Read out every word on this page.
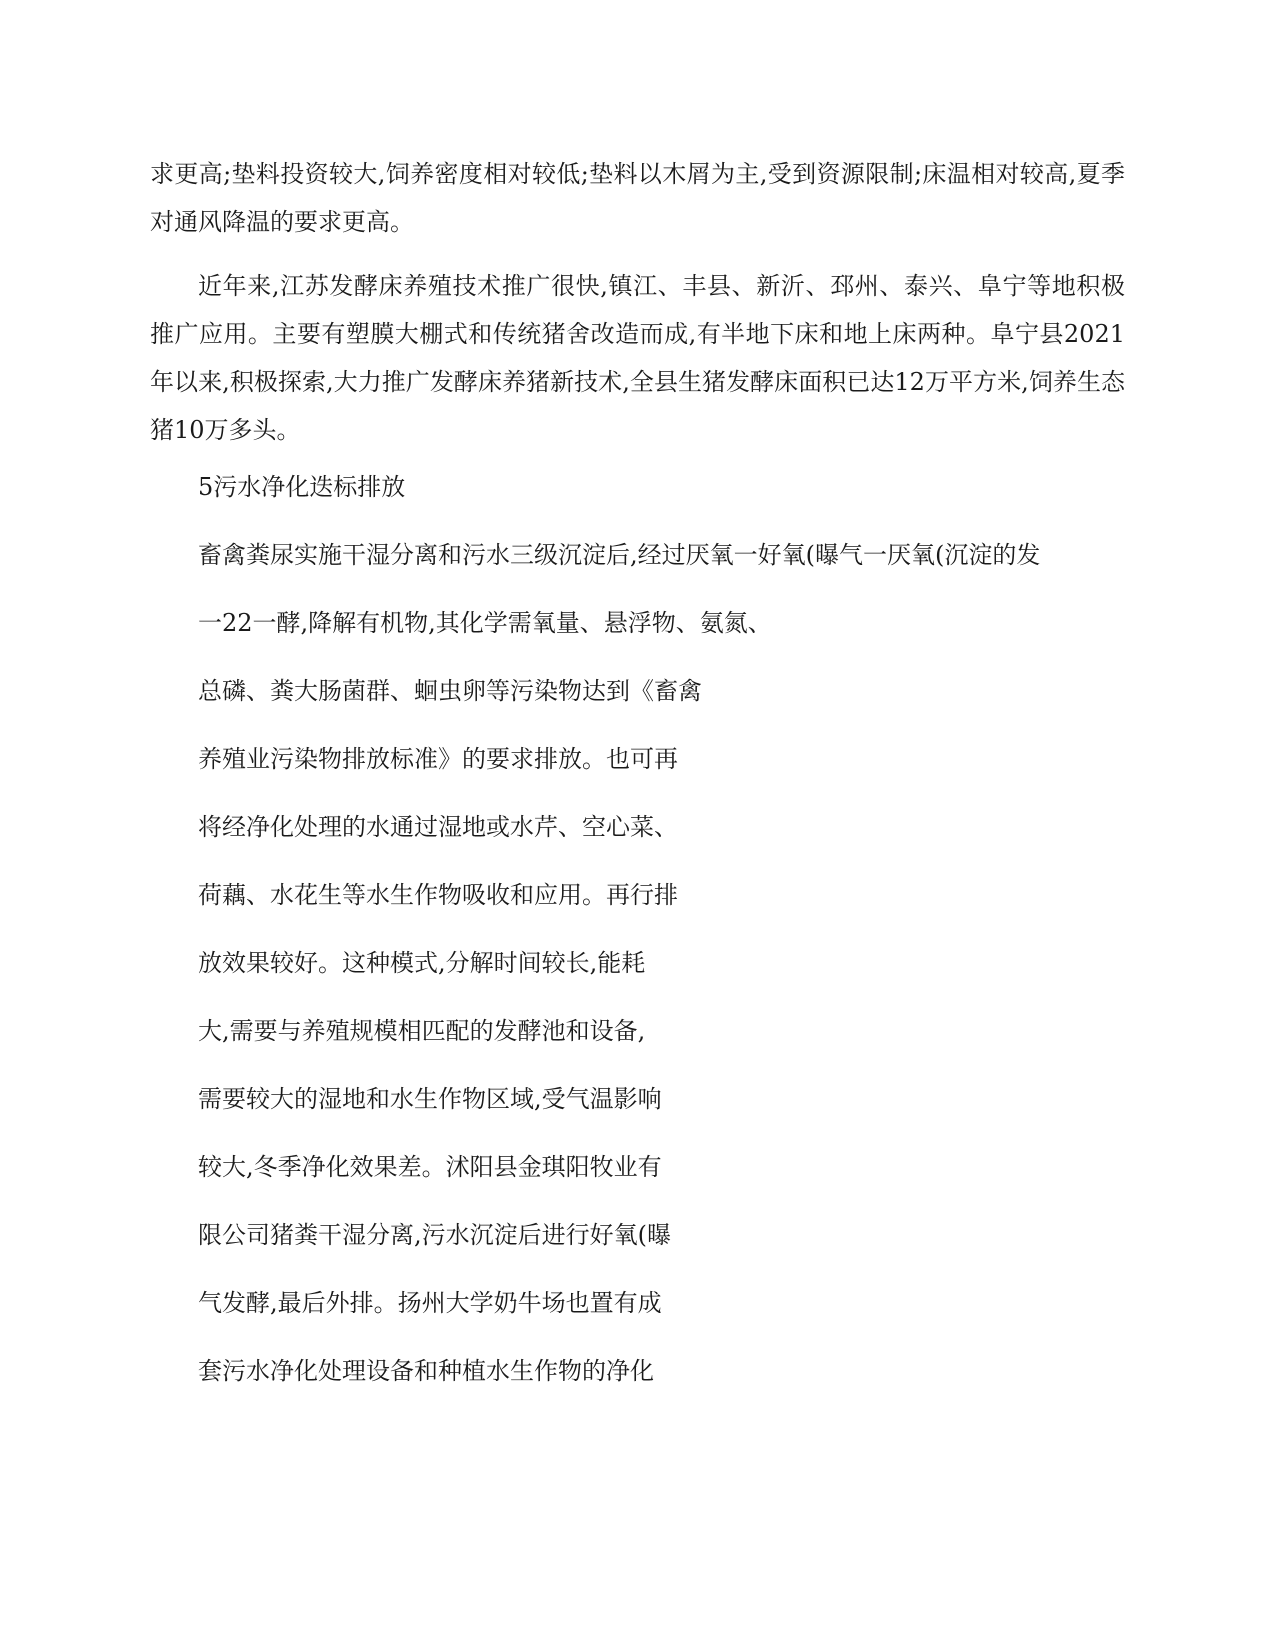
求更高;垫料投资较大,饲养密度相对较低;垫料以木屑为主,受到资源限制;床温相对较高,夏季对通风降温的要求更高。

近年来,江苏发酵床养殖技术推广很快,镇江、丰县、新沂、邳州、泰兴、阜宁等地积极推广应用。主要有塑膜大棚式和传统猪舍改造而成,有半地下床和地上床两种。阜宁县2021年以来,积极探索,大力推广发酵床养猪新技术,全县生猪发酵床面积已达12万平方米,饲养生态猪10万多头。

5污水净化迭标排放

畜禽粪尿实施干湿分离和污水三级沉淀后,经过厌氧一好氧(曝气一厌氧(沉淀的发

一22一酵,降解有机物,其化学需氧量、悬浮物、氨氮、

总磷、粪大肠菌群、蛔虫卵等污染物达到《畜禽

养殖业污染物排放标准》的要求排放。也可再

将经净化处理的水通过湿地或水芹、空心菜、

荷藕、水花生等水生作物吸收和应用。再行排

放效果较好。这种模式,分解时间较长,能耗

大,需要与养殖规模相匹配的发酵池和设备,

需要较大的湿地和水生作物区域,受气温影响

较大,冬季净化效果差。沭阳县金琪阳牧业有

限公司猪粪干湿分离,污水沉淀后进行好氧(曝

气发酵,最后外排。扬州大学奶牛场也置有成

套污水净化处理设备和种植水生作物的净化
